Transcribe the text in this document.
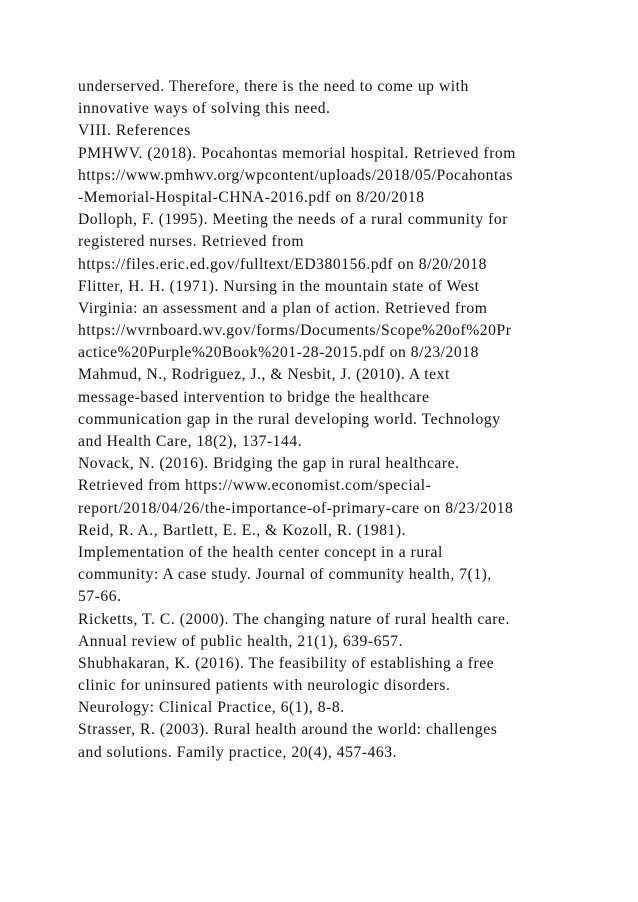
underserved. Therefore, there is the need to come up with
innovative ways of solving this need.
VIII. References
PMHWV. (2018). Pocahontas memorial hospital. Retrieved from
https://www.pmhwv.org/wpcontent/uploads/2018/05/Pocahontas
-Memorial-Hospital-CHNA-2016.pdf on 8/20/2018
Dolloph, F. (1995). Meeting the needs of a rural community for
registered nurses. Retrieved from
https://files.eric.ed.gov/fulltext/ED380156.pdf on 8/20/2018
Flitter, H. H. (1971). Nursing in the mountain state of West
Virginia: an assessment and a plan of action. Retrieved from
https://wvrnboard.wv.gov/forms/Documents/Scope%20of%20Pr
actice%20Purple%20Book%201-28-2015.pdf on 8/23/2018
Mahmud, N., Rodriguez, J., & Nesbit, J. (2010). A text
message-based intervention to bridge the healthcare
communication gap in the rural developing world. Technology
and Health Care, 18(2), 137-144.
Novack, N. (2016). Bridging the gap in rural healthcare.
Retrieved from https://www.economist.com/special-
report/2018/04/26/the-importance-of-primary-care on 8/23/2018
Reid, R. A., Bartlett, E. E., & Kozoll, R. (1981).
Implementation of the health center concept in a rural
community: A case study. Journal of community health, 7(1),
57-66.
Ricketts, T. C. (2000). The changing nature of rural health care.
Annual review of public health, 21(1), 639-657.
Shubhakaran, K. (2016). The feasibility of establishing a free
clinic for uninsured patients with neurologic disorders.
Neurology: Clinical Practice, 6(1), 8-8.
Strasser, R. (2003). Rural health around the world: challenges
and solutions. Family practice, 20(4), 457-463.
